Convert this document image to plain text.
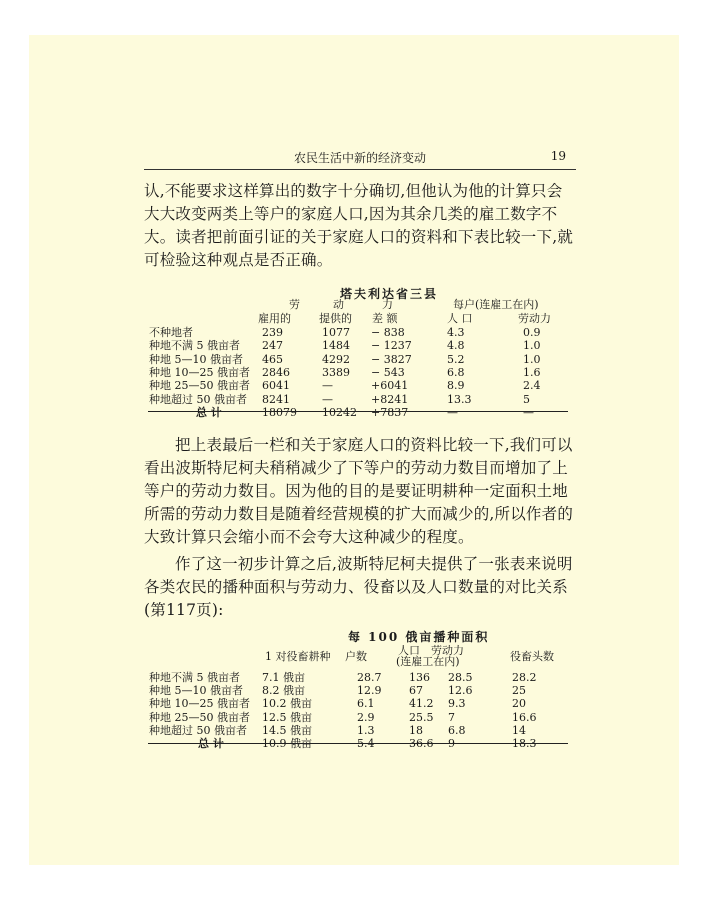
农民生活中新的经济变动	19

认,不能要求这样算出的数字十分确切,但他认为他的计算只会大大改变两类上等户的家庭人口,因为其余几类的雇工数字不大。读者把前面引证的关于家庭人口的资料和下表比较一下,就可检验这种观点是否正确。

塔夫利达省三县
劳	动	力	每户(连雇工在内)
雇用的	提供的 差 额	人 口	劳动力
不种地者	239	1077 − 838	4.3	0.9
种地不满 5 俄亩者 247	1484 − 1237	4.8	1.0
种地 5—10 俄亩者 465	4292 − 3827	5.2	1.0
种地 10—25 俄亩者 2846	3389 − 543	6.8	1.6
种地 25—50 俄亩者 6041	—	+6041	8.9	2.4
种地超过 50 俄亩者 8241	—	+8241	13.3	5
总 计	18079 10242 +7837	—	—

把上表最后一栏和关于家庭人口的资料比较一下,我们可以看出波斯特尼柯夫稍稍减少了下等户的劳动力数目而增加了上等户的劳动力数目。因为他的目的是要证明耕种一定面积土地所需的劳动力数目是随着经营规模的扩大而减少的,所以作者的大致计算只会缩小而不会夸大这种减少的程度。

作了这一初步计算之后,波斯特尼柯夫提供了一张表来说明各类农民的播种面积与劳动力、役畜以及人口数量的对比关系(第117页):

每 100 俄亩播种面积
1 对役畜耕种 户数	人口 劳动力
(连雇工在内)	役畜头数
种地不满 5 俄亩者 7.1 俄亩	28.7	136 28.5	28.2
种地 5—10 俄亩者 8.2 俄亩	12.9	67 12.6	25
种地 10—25 俄亩者 10.2 俄亩	6.1	41.2 9.3	20
种地 25—50 俄亩者 12.5 俄亩	2.9	25.5 7	16.6
种地超过 50 俄亩者 14.5 俄亩	1.3	18 6.8	14
总 计	10.9 俄亩	5.4	36.6 9	18.3
